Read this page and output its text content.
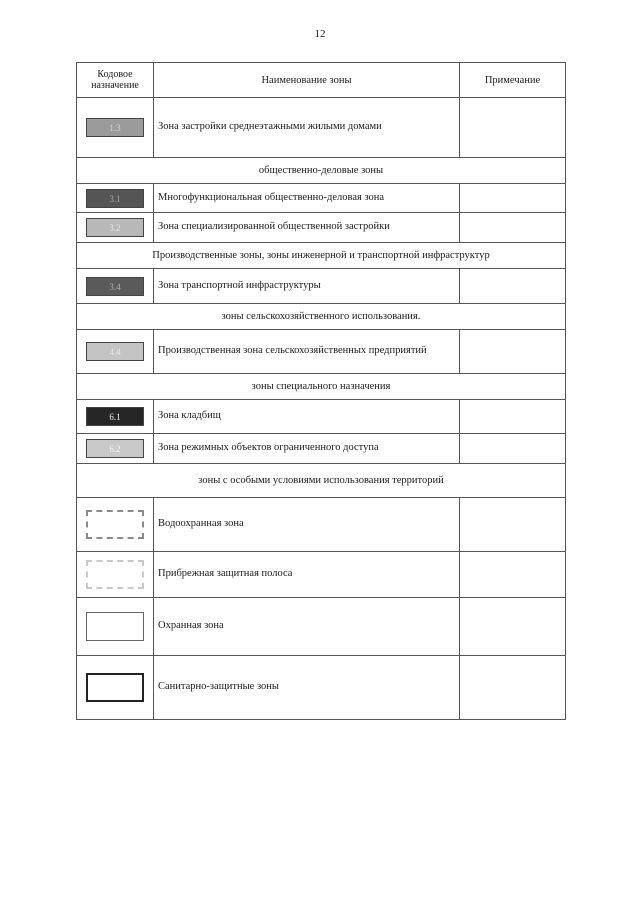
12
Кодовое назначение	Наименование зоны	Примечание
1.3	Зона застройки среднеэтажными жилыми домами	
общественно-деловые зоны		
3.1	Многофункциональная общественно-деловая зона	
3.2	Зона специализированной общественной застройки	
Производственные зоны, зоны инженерной и транспортной инфраструктур		
3.4	Зона транспортной инфраструктуры	
зоны сельскохозяйственного использования.		
4.4	Производственная зона сельскохозяйственных предприятий	
зоны специального назначения		
6.1	Зона кладбищ	
6.2	Зона режимных объектов ограниченного доступа	
зоны с особыми условиями использования территорий		
	Водоохранная зона	
	Прибрежная защитная полоса	
	Охранная зона	
	Санитарно-защитные зоны	
